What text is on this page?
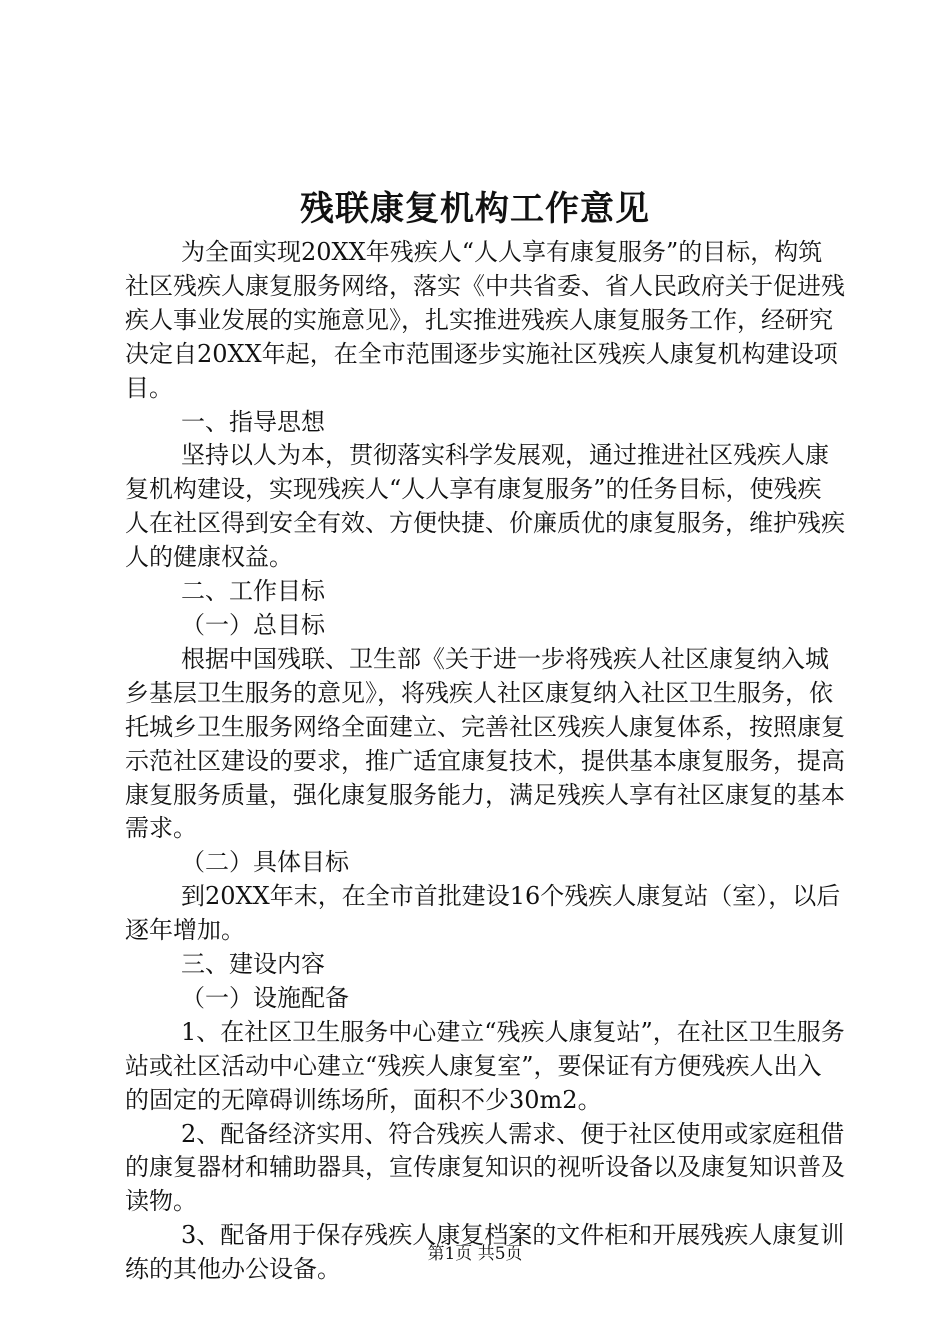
残联康复机构工作意见

为全面实现20XX年残疾人“人人享有康复服务”的目标，构筑社区残疾人康复服务网络，落实《中共省委、省人民政府关于促进残疾人事业发展的实施意见》，扎实推进残疾人康复服务工作，经研究决定自20XX年起，在全市范围逐步实施社区残疾人康复机构建设项目。

一、指导思想

坚持以人为本，贯彻落实科学发展观，通过推进社区残疾人康复机构建设，实现残疾人“人人享有康复服务”的任务目标，使残疾人在社区得到安全有效、方便快捷、价廉质优的康复服务，维护残疾人的健康权益。

二、工作目标

（一）总目标

根据中国残联、卫生部《关于进一步将残疾人社区康复纳入城乡基层卫生服务的意见》，将残疾人社区康复纳入社区卫生服务，依托城乡卫生服务网络全面建立、完善社区残疾人康复体系，按照康复示范社区建设的要求，推广适宜康复技术，提供基本康复服务，提高康复服务质量，强化康复服务能力，满足残疾人享有社区康复的基本需求。

（二）具体目标

到20XX年末，在全市首批建设16个残疾人康复站（室），以后逐年增加。

三、建设内容

（一）设施配备

1、在社区卫生服务中心建立“残疾人康复站”，在社区卫生服务站或社区活动中心建立“残疾人康复室”，要保证有方便残疾人出入的固定的无障碍训练场所，面积不少30m2。

2、配备经济实用、符合残疾人需求、便于社区使用或家庭租借的康复器材和辅助器具，宣传康复知识的视听设备以及康复知识普及读物。

3、配备用于保存残疾人康复档案的文件柜和开展残疾人康复训练的其他办公设备。

第1页 共5页
